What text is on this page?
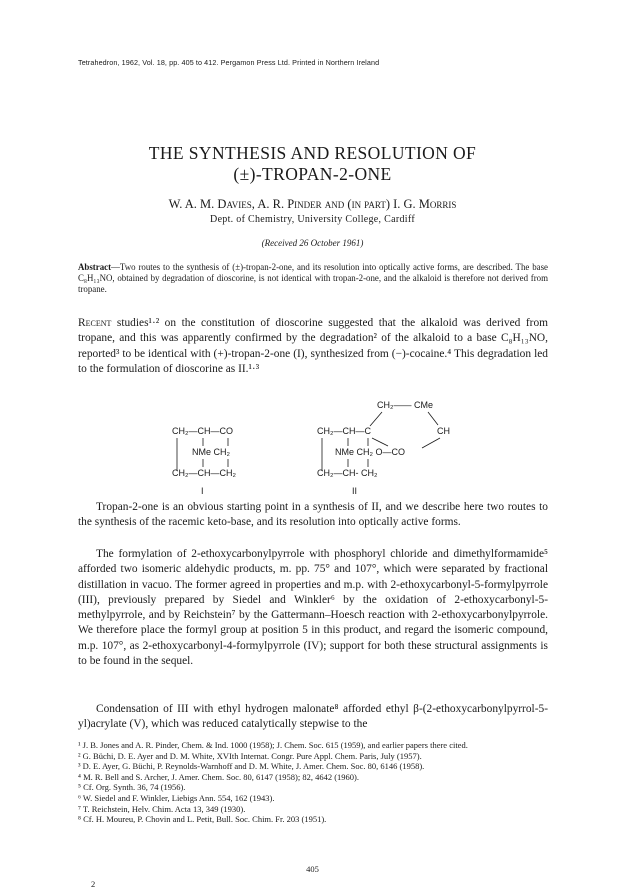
Tetrahedron, 1962, Vol. 18, pp. 405 to 412. Pergamon Press Ltd. Printed in Northern Ireland
THE SYNTHESIS AND RESOLUTION OF
(±)-TROPAN-2-ONE
W. A. M. Davies, A. R. Pinder and (in part) I. G. Morris
Dept. of Chemistry, University College, Cardiff
(Received 26 October 1961)
Abstract—Two routes to the synthesis of (±)-tropan-2-one, and its resolution into optically active forms, are described. The base C₈H₁₃NO, obtained by degradation of dioscorine, is not identical with tropan-2-one, and the alkaloid is therefore not derived from tropane.
Recent studies¹·² on the constitution of dioscorine suggested that the alkaloid was derived from tropane, and this was apparently confirmed by the degradation² of the alkaloid to a base C₈H₁₃NO, reported³ to be identical with (+)-tropan-2-one (I), synthesized from (−)-cocaine.⁴ This degradation led to the formulation of dioscorine as II.¹·³
CH₂—CH—CO
NMe CH₂
CH₂—CH—CH₂
I
CH₂—— CMe
CH₂—CH—C	CH
NMe CH₂ O—CO
CH₂—CH- CH₂
II
Tropan-2-one is an obvious starting point in a synthesis of II, and we describe here two routes to the synthesis of the racemic keto-base, and its resolution into optically active forms.
The formylation of 2-ethoxycarbonylpyrrole with phosphoryl chloride and dimethylformamide⁵ afforded two isomeric aldehydic products, m. pp. 75° and 107°, which were separated by fractional distillation in vacuo. The former agreed in properties and m.p. with 2-ethoxycarbonyl-5-formylpyrrole (III), previously prepared by Siedel and Winkler⁶ by the oxidation of 2-ethoxycarbonyl-5-methylpyrrole, and by Reichstein⁷ by the Gattermann–Hoesch reaction with 2-ethoxycarbonylpyrrole. We therefore place the formyl group at position 5 in this product, and regard the isomeric compound, m.p. 107°, as 2-ethoxycarbonyl-4-formylpyrrole (IV); support for both these structural assignments is to be found in the sequel.
Condensation of III with ethyl hydrogen malonate⁸ afforded ethyl β-(2-ethoxycarbonylpyrrol-5-yl)acrylate (V), which was reduced catalytically stepwise to the
¹ J. B. Jones and A. R. Pinder, Chem. & Ind. 1000 (1958); J. Chem. Soc. 615 (1959), and earlier papers there cited.
² G. Büchi, D. E. Ayer and D. M. White, XVIth Internat. Congr. Pure Appl. Chem. Paris, July (1957).
³ D. E. Ayer, G. Büchi, P. Reynolds-Warnhoff and D. M. White, J. Amer. Chem. Soc. 80, 6146 (1958).
⁴ M. R. Bell and S. Archer, J. Amer. Chem. Soc. 80, 6147 (1958); 82, 4642 (1960).
⁵ Cf. Org. Synth. 36, 74 (1956).
⁶ W. Siedel and F. Winkler, Liebigs Ann. 554, 162 (1943).
⁷ T. Reichstein, Helv. Chim. Acta 13, 349 (1930).
⁸ Cf. H. Moureu, P. Chovin and L. Petit, Bull. Soc. Chim. Fr. 203 (1951).
405
2
